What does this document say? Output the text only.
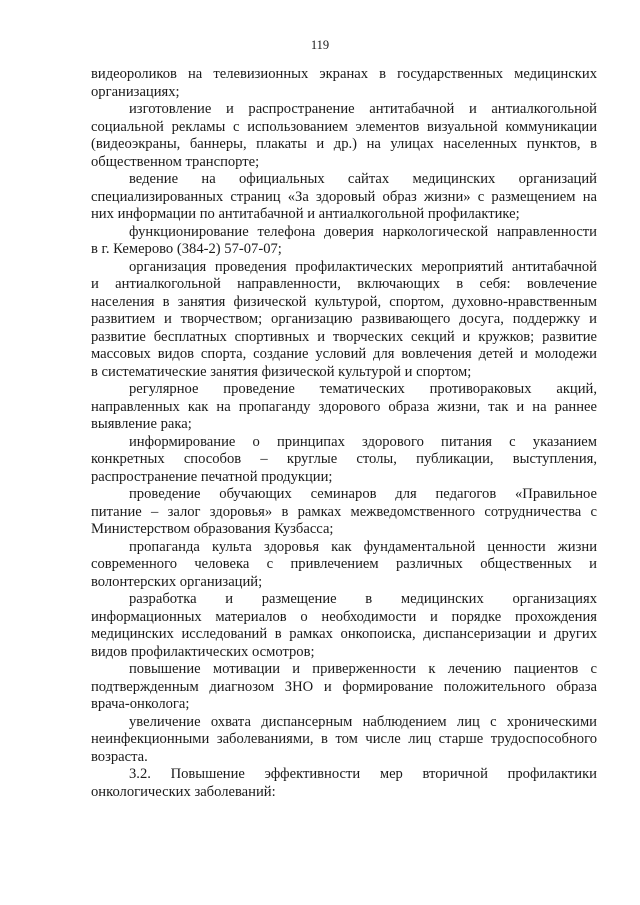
119
видеороликов на телевизионных экранах в государственных медицинских
организациях;
изготовление и распространение антитабачной и антиалкогольной
социальной рекламы с использованием элементов визуальной коммуникации
(видеоэкраны, баннеры, плакаты и др.) на улицах населенных пунктов, в
общественном транспорте;
ведение на официальных сайтах медицинских организаций
специализированных страниц «За здоровый образ жизни» с размещением на
них информации по антитабачной и антиалкогольной профилактике;
функционирование телефона доверия наркологической направленности
в г. Кемерово (384-2) 57-07-07;
организация проведения профилактических мероприятий антитабачной
и антиалкогольной направленности, включающих в себя: вовлечение
населения в занятия физической культурой, спортом, духовно-нравственным
развитием и творчеством; организацию развивающего досуга, поддержку и
развитие бесплатных спортивных и творческих секций и кружков; развитие
массовых видов спорта, создание условий для вовлечения детей и молодежи
в систематические занятия физической культурой и спортом;
регулярное проведение тематических противораковых акций,
направленных как на пропаганду здорового образа жизни, так и на раннее
выявление рака;
информирование о принципах здорового питания с указанием
конкретных способов – круглые столы, публикации, выступления,
распространение печатной продукции;
проведение обучающих семинаров для педагогов «Правильное
питание – залог здоровья» в рамках межведомственного сотрудничества с
Министерством образования Кузбасса;
пропаганда культа здоровья как фундаментальной ценности жизни
современного человека с привлечением различных общественных и
волонтерских организаций;
разработка и размещение в медицинских организациях
информационных материалов о необходимости и порядке прохождения
медицинских исследований в рамках онкопоиска, диспансеризации и других
видов профилактических осмотров;
повышение мотивации и приверженности к лечению пациентов с
подтвержденным диагнозом ЗНО и формирование положительного образа
врача-онколога;
увеличение охвата диспансерным наблюдением лиц с хроническими
неинфекционными заболеваниями, в том числе лиц старше трудоспособного
возраста.
3.2. Повышение эффективности мер вторичной профилактики
онкологических заболеваний:
